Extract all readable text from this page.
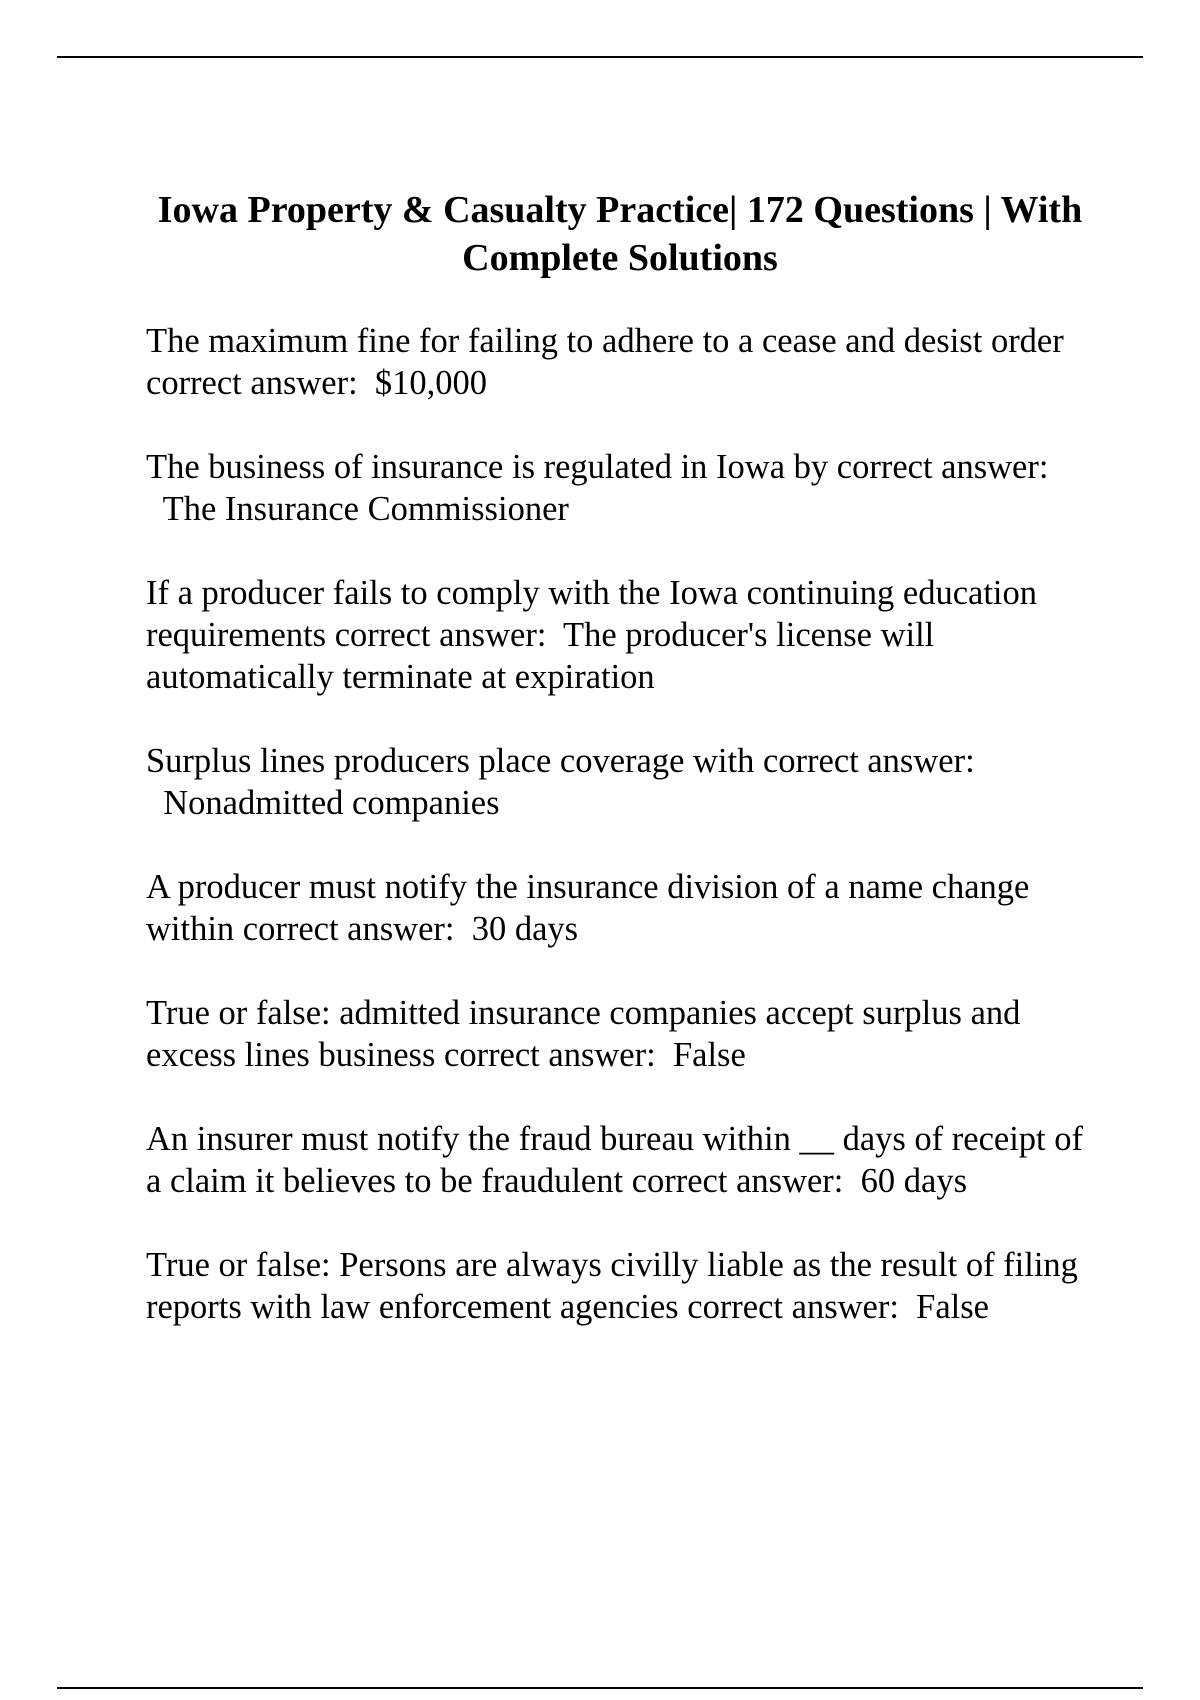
Iowa Property & Casualty Practice| 172 Questions | With Complete Solutions

The maximum fine for failing to adhere to a cease and desist order correct answer: $10,000

The business of insurance is regulated in Iowa by correct answer:  The Insurance Commissioner

If a producer fails to comply with the Iowa continuing education requirements correct answer: The producer's license will automatically terminate at expiration

Surplus lines producers place coverage with correct answer:  Nonadmitted companies

A producer must notify the insurance division of a name change within correct answer: 30 days

True or false: admitted insurance companies accept surplus and excess lines business correct answer: False

An insurer must notify the fraud bureau within __ days of receipt of a claim it believes to be fraudulent correct answer: 60 days

True or false: Persons are always civilly liable as the result of filing reports with law enforcement agencies correct answer: False
